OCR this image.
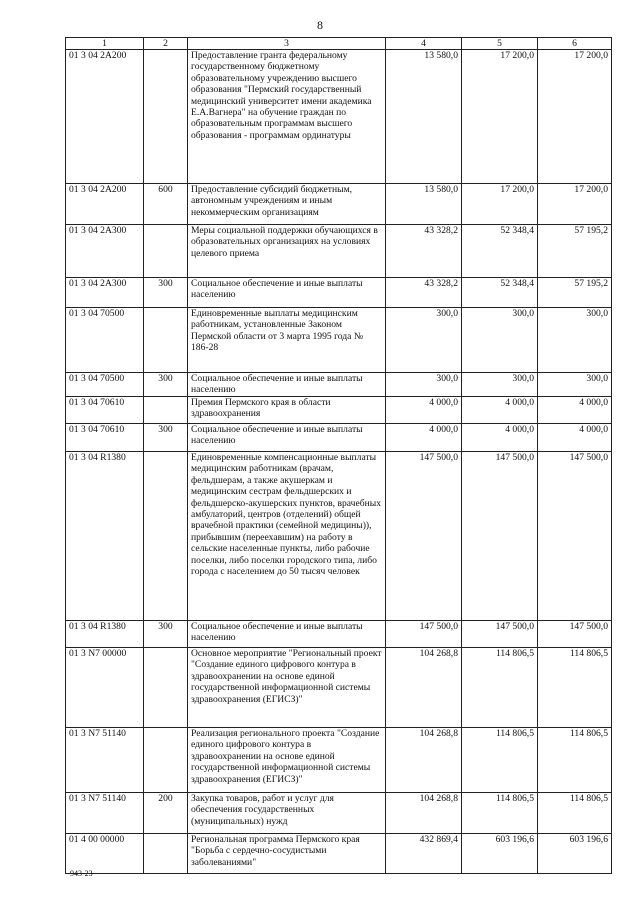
8
1	2	3	4	5	6
01 3 04 2A200		Предоставление гранта федеральному государственному бюджетному образовательному учреждению высшего образования "Пермский государственный медицинский университет имени академика Е.А.Вагнера" на обучение граждан по образовательным программам высшего образования - программам ординатуры	13 580,0	17 200,0	17 200,0
01 3 04 2A200	600	Предоставление субсидий бюджетным, автономным учреждениям и иным некоммерческим организациям	13 580,0	17 200,0	17 200,0
01 3 04 2A300		Меры социальной поддержки обучающихся в образовательных организациях на условиях целевого приема	43 328,2	52 348,4	57 195,2
01 3 04 2A300	300	Социальное обеспечение и иные выплаты населению	43 328,2	52 348,4	57 195,2
01 3 04 70500		Единовременные выплаты медицинским работникам, установленные Законом Пермской области от 3 марта 1995 года № 186-28	300,0	300,0	300,0
01 3 04 70500	300	Социальное обеспечение и иные выплаты населению	300,0	300,0	300,0
01 3 04 70610		Премия Пермского края в области здравоохранения	4 000,0	4 000,0	4 000,0
01 3 04 70610	300	Социальное обеспечение и иные выплаты населению	4 000,0	4 000,0	4 000,0
01 3 04 R1380		Единовременные компенсационные выплаты медицинским работникам (врачам, фельдшерам, а также акушеркам и медицинским сестрам фельдшерских и фельдшерско-акушерских пунктов, врачебных амбулаторий, центров (отделений) общей врачебной практики (семейной медицины)), прибывшим (переехавшим) на работу в сельские населенные пункты, либо рабочие поселки, либо поселки городского типа, либо города с населением до 50 тысяч человек	147 500,0	147 500,0	147 500,0
01 3 04 R1380	300	Социальное обеспечение и иные выплаты населению	147 500,0	147 500,0	147 500,0
01 3 N7 00000		Основное мероприятие "Региональный проект "Создание единого цифрового контура в здравоохранении на основе единой государственной информационной системы здравоохранения (ЕГИСЗ)"	104 268,8	114 806,5	114 806,5
01 3 N7 51140		Реализация регионального проекта "Создание единого цифрового контура в здравоохранении на основе единой государственной информационной системы здравоохранения (ЕГИСЗ)"	104 268,8	114 806,5	114 806,5
01 3 N7 51140	200	Закупка товаров, работ и услуг для обеспечения государственных (муниципальных) нужд	104 268,8	114 806,5	114 806,5
01 4 00 00000		Региональная программа Пермского края "Борьба с сердечно-сосудистыми заболеваниями"	432 869,4	603 196,6	603 196,6
943-23
